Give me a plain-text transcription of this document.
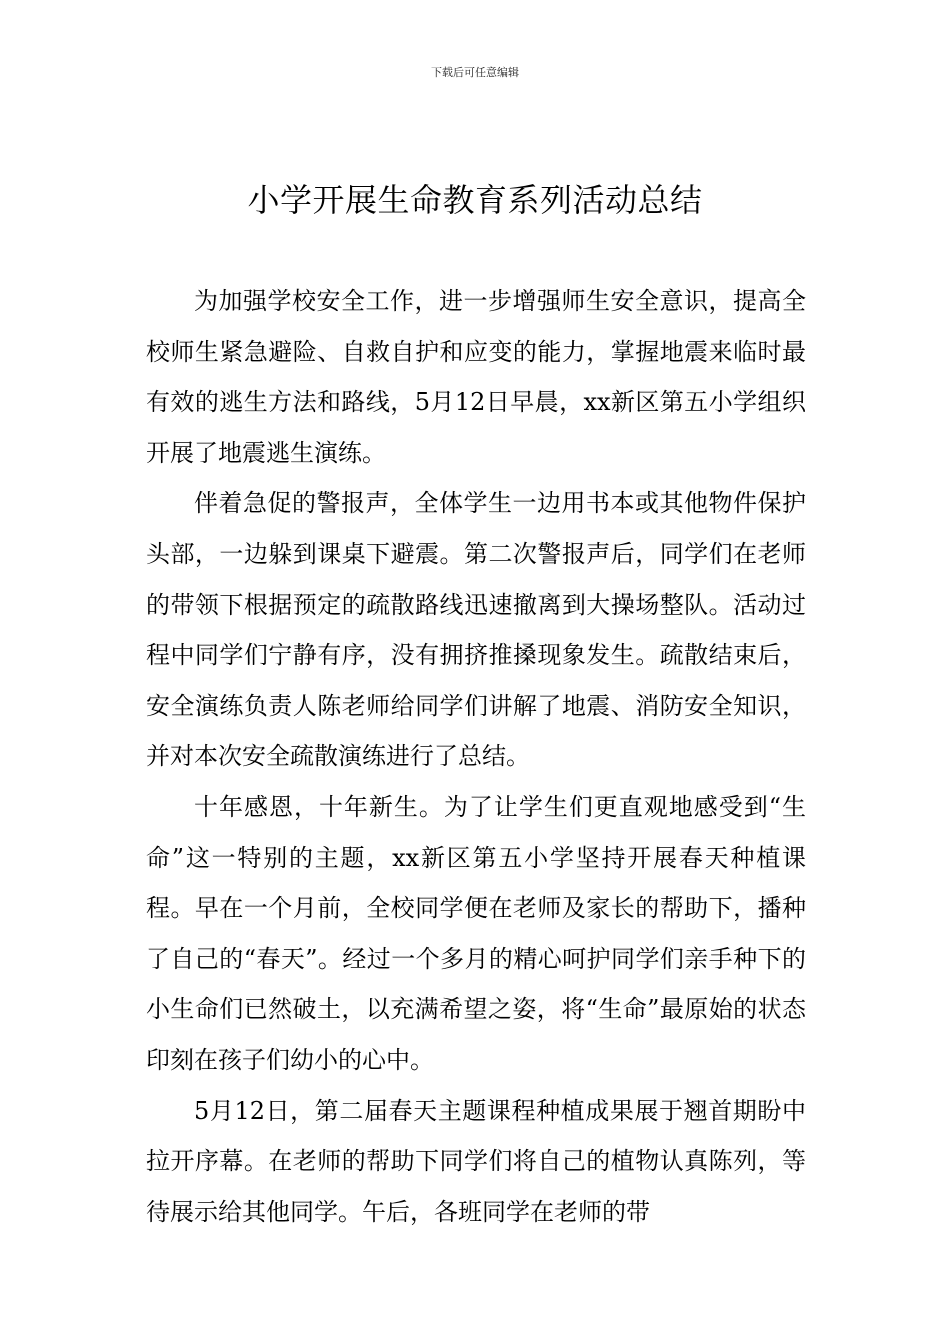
下载后可任意编辑
小学开展生命教育系列活动总结

为加强学校安全工作，进一步增强师生安全意识，提高全校师生紧急避险、自救自护和应变的能力，掌握地震来临时最有效的逃生方法和路线，5月12日早晨，xx新区第五小学组织开展了地震逃生演练。

伴着急促的警报声，全体学生一边用书本或其他物件保护头部，一边躲到课桌下避震。第二次警报声后，同学们在老师的带领下根据预定的疏散路线迅速撤离到大操场整队。活动过程中同学们宁静有序，没有拥挤推搡现象发生。疏散结束后，安全演练负责人陈老师给同学们讲解了地震、消防安全知识，并对本次安全疏散演练进行了总结。

十年感恩，十年新生。为了让学生们更直观地感受到“生命”这一特别的主题，xx新区第五小学坚持开展春天种植课程。早在一个月前，全校同学便在老师及家长的帮助下，播种了自己的“春天”。经过一个多月的精心呵护同学们亲手种下的小生命们已然破土，以充满希望之姿，将“生命”最原始的状态印刻在孩子们幼小的心中。

5月12日，第二届春天主题课程种植成果展于翘首期盼中拉开序幕。在老师的帮助下同学们将自己的植物认真陈列，等待展示给其他同学。午后，各班同学在老师的带
